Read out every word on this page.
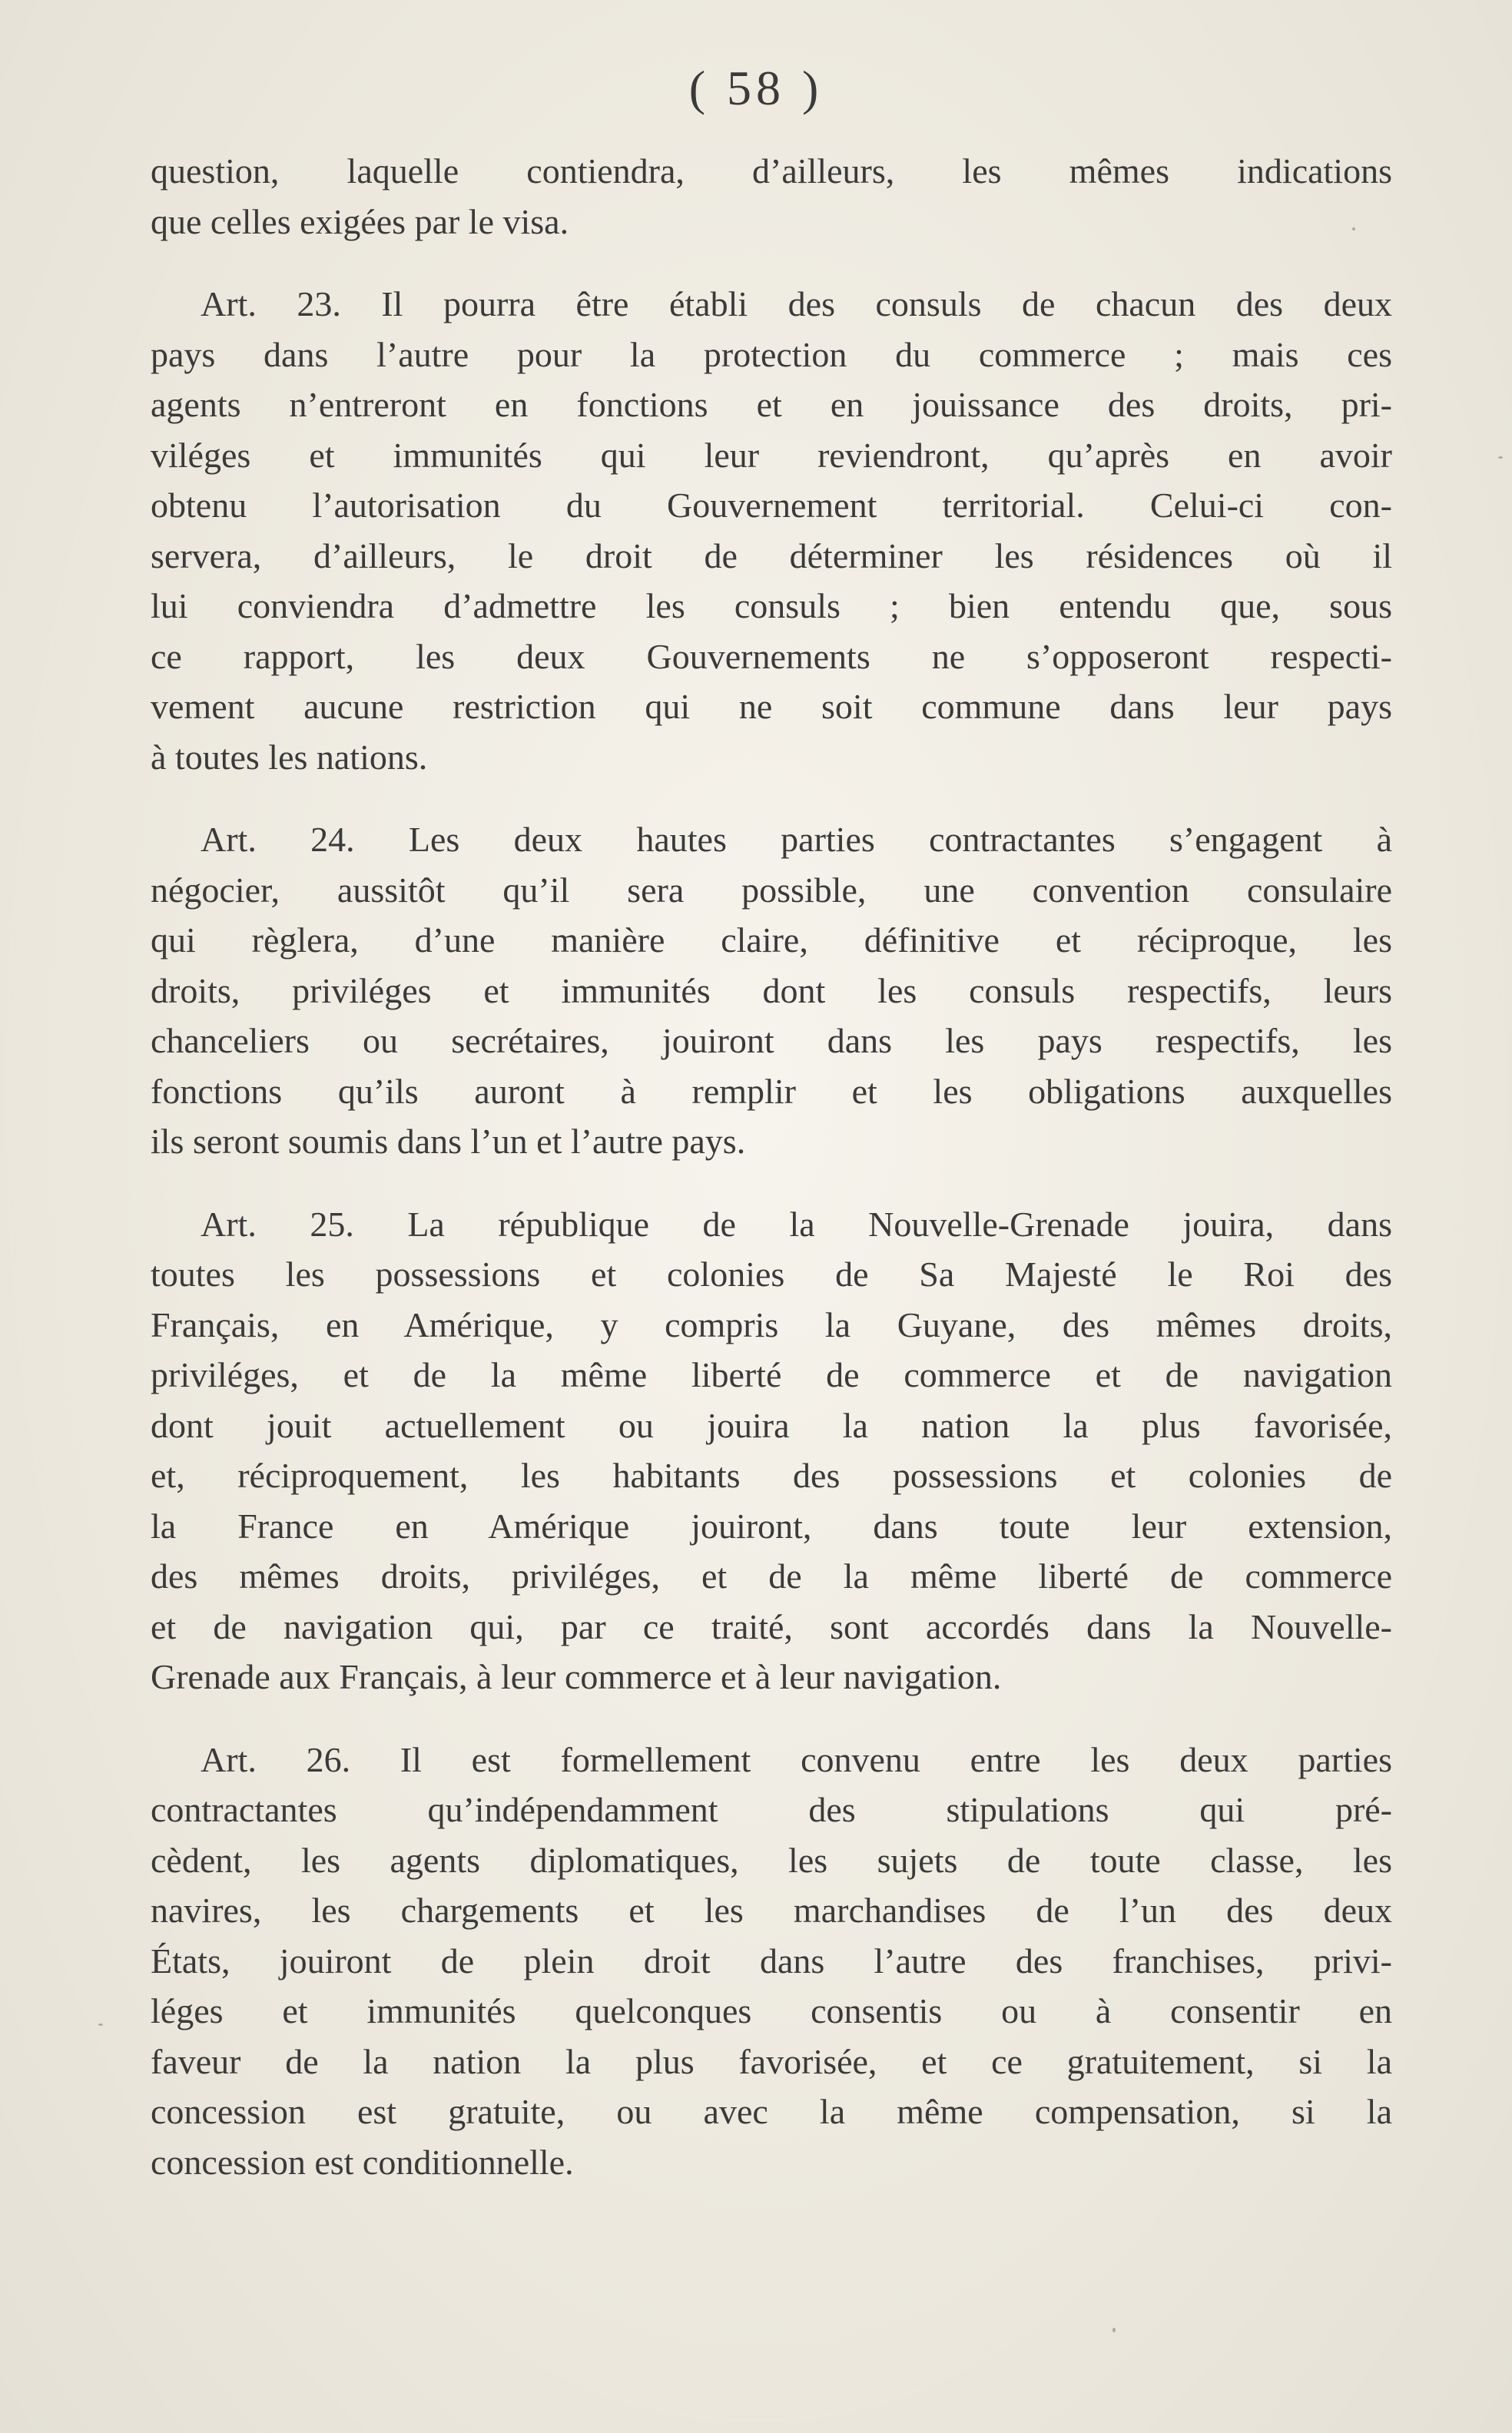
( 58 )
question, laquelle contiendra, d’ailleurs, les mêmes indications
que celles exigées par le visa.
Art. 23. Il pourra être établi des consuls de chacun des deux
pays dans l’autre pour la protection du commerce ; mais ces
agents n’entreront en fonctions et en jouissance des droits, pri-
viléges et immunités qui leur reviendront, qu’après en avoir
obtenu l’autorisation du Gouvernement territorial. Celui-ci con-
servera, d’ailleurs, le droit de déterminer les résidences où il
lui conviendra d’admettre les consuls ; bien entendu que, sous
ce rapport, les deux Gouvernements ne s’opposeront respecti-
vement aucune restriction qui ne soit commune dans leur pays
à toutes les nations.
Art. 24. Les deux hautes parties contractantes s’engagent à
négocier, aussitôt qu’il sera possible, une convention consulaire
qui règlera, d’une manière claire, définitive et réciproque, les
droits, priviléges et immunités dont les consuls respectifs, leurs
chanceliers ou secrétaires, jouiront dans les pays respectifs, les
fonctions qu’ils auront à remplir et les obligations auxquelles
ils seront soumis dans l’un et l’autre pays.
Art. 25. La république de la Nouvelle-Grenade jouira, dans
toutes les possessions et colonies de Sa Majesté le Roi des
Français, en Amérique, y compris la Guyane, des mêmes droits,
priviléges, et de la même liberté de commerce et de navigation
dont jouit actuellement ou jouira la nation la plus favorisée,
et, réciproquement, les habitants des possessions et colonies de
la France en Amérique jouiront, dans toute leur extension,
des mêmes droits, priviléges, et de la même liberté de commerce
et de navigation qui, par ce traité, sont accordés dans la Nouvelle-
Grenade aux Français, à leur commerce et à leur navigation.
Art. 26. Il est formellement convenu entre les deux parties
contractantes qu’indépendamment des stipulations qui pré-
cèdent, les agents diplomatiques, les sujets de toute classe, les
navires, les chargements et les marchandises de l’un des deux
États, jouiront de plein droit dans l’autre des franchises, privi-
léges et immunités quelconques consentis ou à consentir en
faveur de la nation la plus favorisée, et ce gratuitement, si la
concession est gratuite, ou avec la même compensation, si la
concession est conditionnelle.
